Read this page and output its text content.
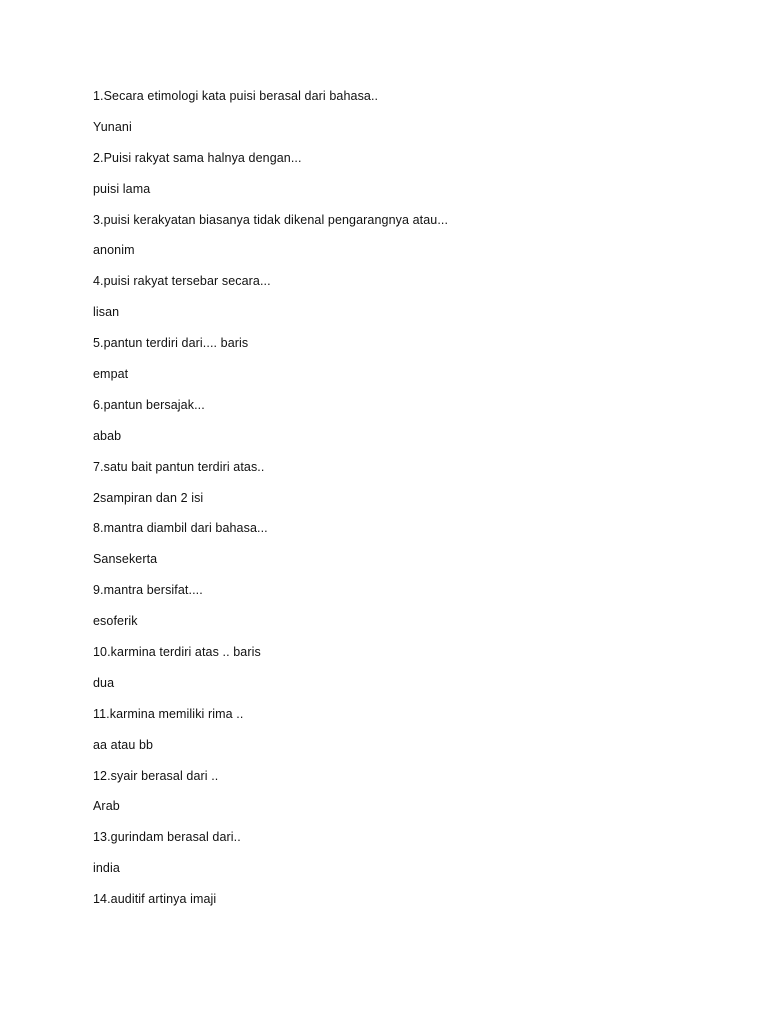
1.Secara etimologi kata puisi berasal dari bahasa..
Yunani
2.Puisi rakyat sama halnya dengan...
puisi lama
3.puisi kerakyatan biasanya tidak dikenal pengarangnya atau...
anonim
4.puisi rakyat tersebar secara...
lisan
5.pantun terdiri dari.... baris
empat
6.pantun bersajak...
abab
7.satu bait pantun terdiri atas..
2sampiran dan 2 isi
8.mantra diambil dari bahasa...
Sansekerta
9.mantra bersifat....
esoferik
10.karmina terdiri atas .. baris
dua
11.karmina memiliki rima ..
aa atau bb
12.syair berasal dari ..
Arab
13.gurindam berasal dari..
india
14.auditif artinya imaji
